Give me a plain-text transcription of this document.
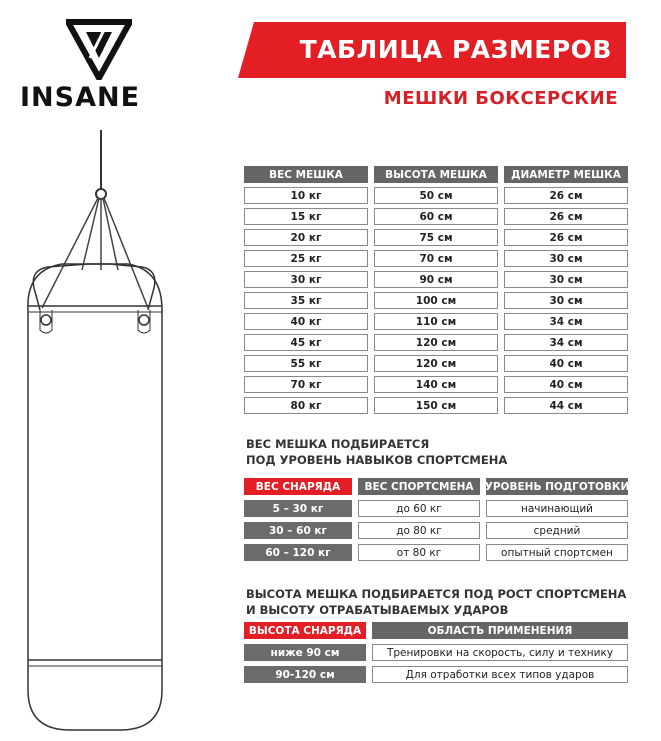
INSANE
ТАБЛИЦА РАЗМЕРОВ
МЕШКИ БОКСЕРСКИЕ
ВЕС МЕШКА	ВЫСОТА МЕШКА	ДИАМЕТР МЕШКА
10 кг	50 см	26 см
15 кг	60 см	26 см
20 кг	75 см	26 см
25 кг	70 см	30 см
30 кг	90 см	30 см
35 кг	100 см	30 см
40 кг	110 см	34 см
45 кг	120 см	34 см
55 кг	120 см	40 см
70 кг	140 см	40 см
80 кг	150 см	44 см
ВЕС МЕШКА ПОДБИРАЕТСЯ
ПОД УРОВЕНЬ НАВЫКОВ СПОРТСМЕНА
ВЕС СНАРЯДА	ВЕС СПОРТСМЕНА	УРОВЕНЬ ПОДГОТОВКИ
5 – 30 кг	до 60 кг	начинающий
30 – 60 кг	до 80 кг	средний
60 – 120 кг	от 80 кг	опытный спортсмен
ВЫСОТА МЕШКА ПОДБИРАЕТСЯ ПОД РОСТ СПОРТСМЕНА
И ВЫСОТУ ОТРАБАТЫВАЕМЫХ УДАРОВ
ВЫСОТА СНАРЯДА	ОБЛАСТЬ ПРИМЕНЕНИЯ
ниже 90 см	Тренировки на скорость, силу и технику
90-120 см	Для отработки всех типов ударов
